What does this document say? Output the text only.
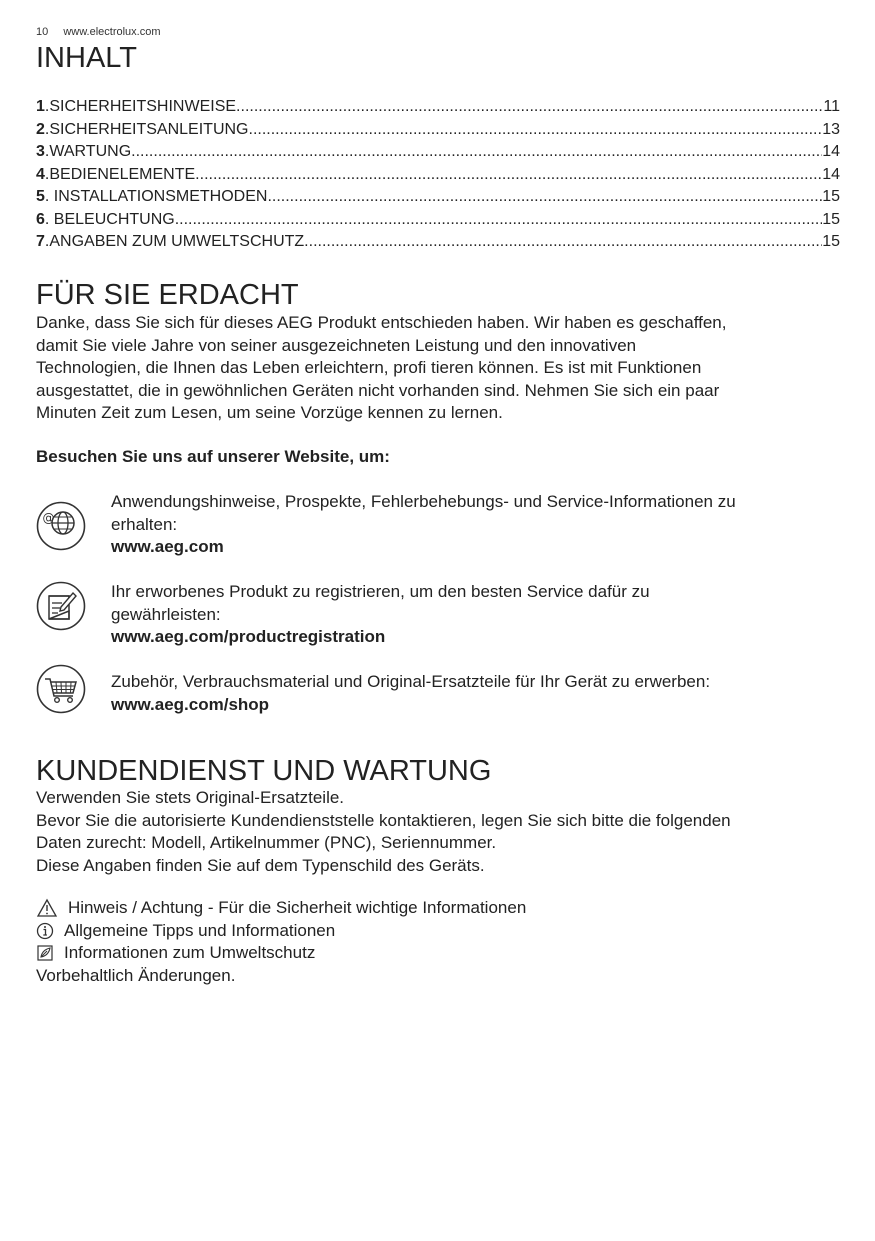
10 www.electrolux.com
INHALT
1 . SICHERHEITSHINWEISE .....	11
2 . SICHERHEITSANLEITUNG .....	13
3 . WARTUNG .....	14
4 . BEDIENELEMENTE .....	14
5 . INSTALLATIONSMETHODEN .....	15
6 . BELEUCHTUNG .....	15
7 . ANGABEN ZUM UMWELTSCHUTZ .....	15
FÜR SIE ERDACHT
Danke, dass Sie sich für dieses AEG Produkt entschieden haben. Wir haben es geschaffen,
damit Sie viele Jahre von seiner ausgezeichneten Leistung und den innovativen
Technologien, die Ihnen das Leben erleichtern, profi tieren können. Es ist mit Funktionen
ausgestattet, die in gewöhnlichen Geräten nicht vorhanden sind. Nehmen Sie sich ein paar
Minuten Zeit zum Lesen, um seine Vorzüge kennen zu lernen.
Besuchen Sie uns auf unserer Website, um:
@
Anwendungshinweise, Prospekte, Fehlerbehebungs- und Service-Informationen zu
erhalten:
www.aeg.com
Ihr erworbenes Produkt zu registrieren, um den besten Service dafür zu
gewährleisten:
www.aeg.com/productregistration
Zubehör, Verbrauchsmaterial und Original-Ersatzteile für Ihr Gerät zu erwerben:
www.aeg.com/shop
KUNDENDIENST UND WARTUNG
Verwenden Sie stets Original-Ersatzteile.
Bevor Sie die autorisierte Kundendienststelle kontaktieren, legen Sie sich bitte die folgenden
Daten zurecht: Modell, Artikelnummer (PNC), Seriennummer.
Diese Angaben finden Sie auf dem Typenschild des Geräts.
Hinweis / Achtung - Für die Sicherheit wichtige Informationen
Allgemeine Tipps und Informationen
Informationen zum Umweltschutz
Vorbehaltlich Änderungen.
